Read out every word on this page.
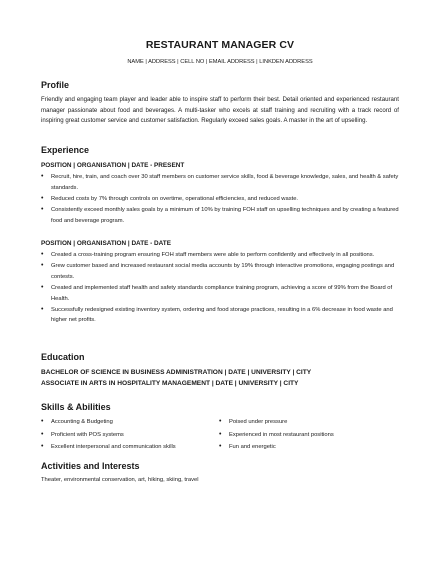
RESTAURANT MANAGER CV
NAME | ADDRESS | CELL NO | EMAIL ADDRESS | LINKDEN ADDRESS
Profile
Friendly and engaging team player and leader able to inspire staff to perform their best. Detail oriented and experienced restaurant manager passionate about food and beverages. A multi-tasker who excels at staff training and recruiting with a track record of inspiring great customer service and customer satisfaction. Regularly exceed sales goals. A master in the art of upselling.
Experience
POSITION | ORGANISATION | DATE - PRESENT
• Recruit, hire, train, and coach over 30 staff members on customer service skills, food & beverage knowledge, sales, and health & safety standards.
• Reduced costs by 7% through controls on overtime, operational efficiencies, and reduced waste.
• Consistently exceed monthly sales goals by a minimum of 10% by training FOH staff on upselling techniques and by creating a featured food and beverage program.
POSITION | ORGANISATION | DATE - DATE
• Created a cross-training program ensuring FOH staff members were able to perform confidently and effectively in all positions.
• Grew customer based and increased restaurant social media accounts by 19% through interactive promotions, engaging postings and contests.
• Created and implemented staff health and safety standards compliance training program, achieving a score of 99% from the Board of Health.
• Successfully redesigned existing inventory system, ordering and food storage practices, resulting in a 6% decrease in food waste and higher net profits.
Education
BACHELOR OF SCIENCE IN BUSINESS ADMINISTRATION | DATE | UNIVERSITY | CITY
ASSOCIATE IN ARTS IN HOSPITALITY MANAGEMENT | DATE | UNIVERSITY | CITY
Skills & Abilities
• Accounting & Budgeting
• Proficient with POS systems
• Excellent interpersonal and communication skills
• Poised under pressure
• Experienced in most restaurant positions
• Fun and energetic
Activities and Interests
Theater, environmental conservation, art, hiking, skiing, travel
